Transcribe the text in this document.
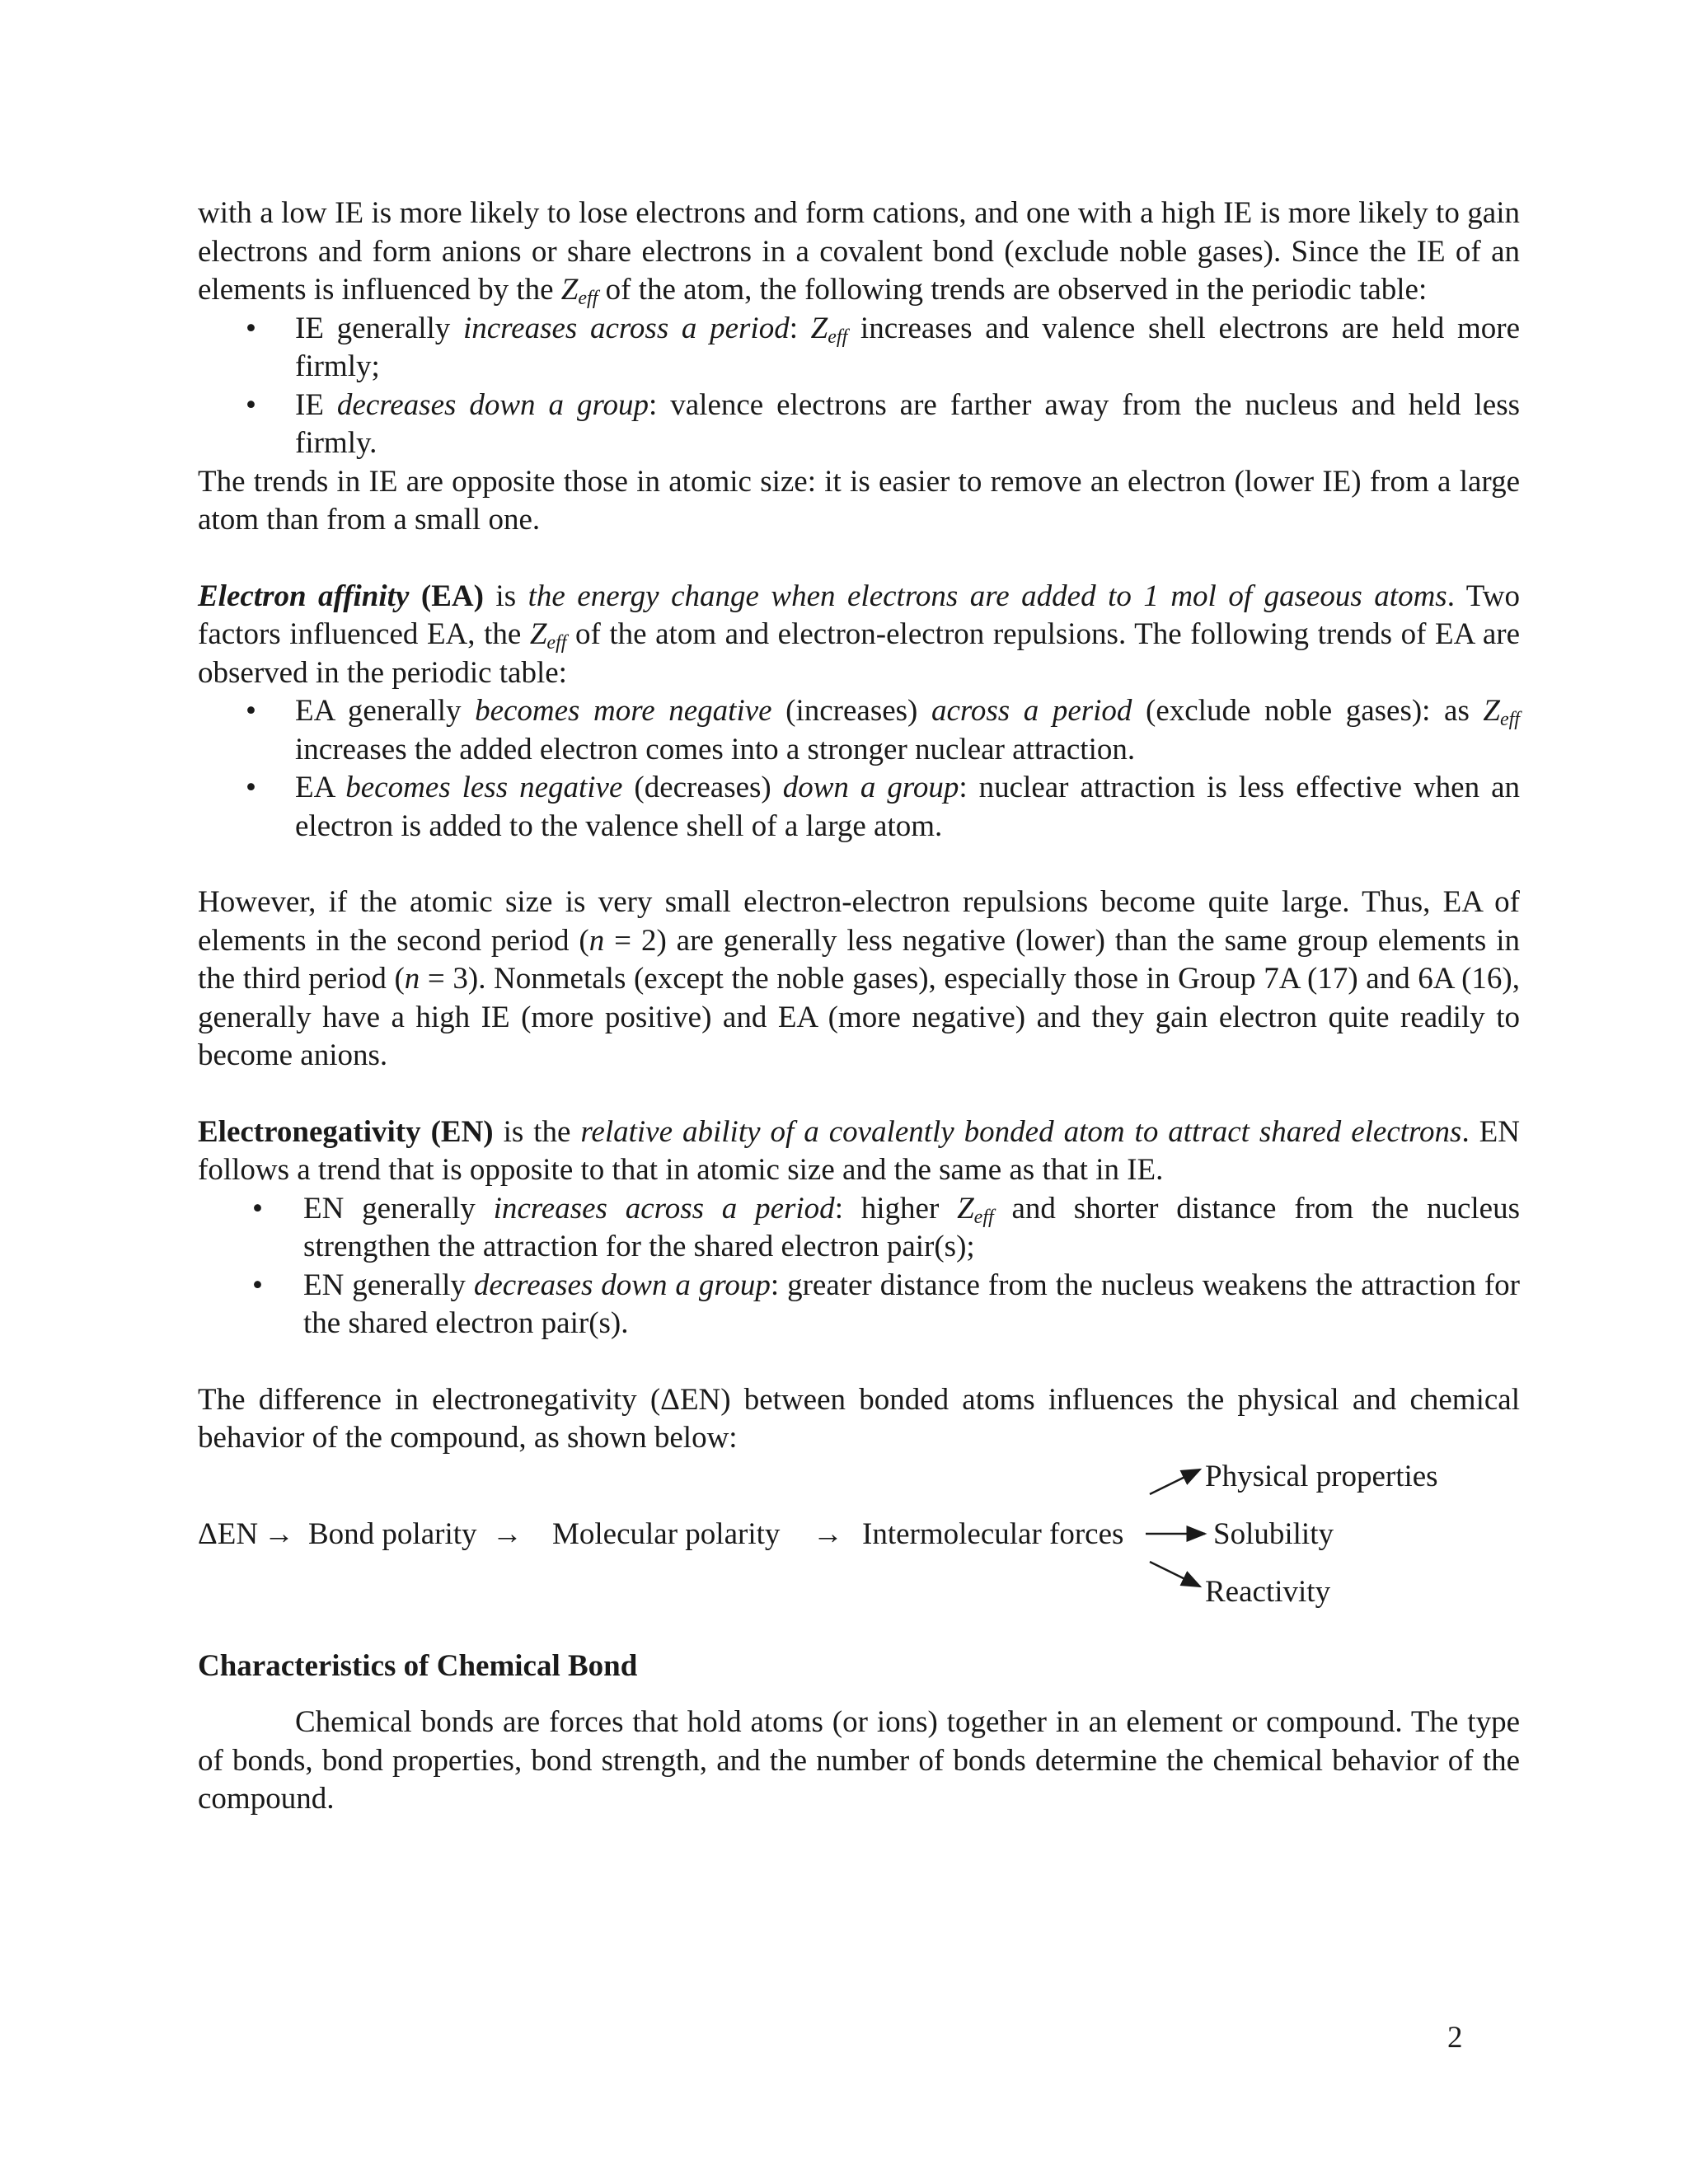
with a low IE is more likely to lose electrons and form cations, and one with a high IE is more likely to gain electrons and form anions or share electrons in a covalent bond (exclude noble gases). Since the IE of an elements is influenced by the $Z_{eff}$ of the atom, the following trends are observed in the periodic table:

• IE generally increases across a period: $Z_{eff}$ increases and valence shell electrons are held more firmly;
• IE decreases down a group: valence electrons are farther away from the nucleus and held less firmly.

The trends in IE are opposite those in atomic size: it is easier to remove an electron (lower IE) from a large atom than from a small one.

Electron affinity (EA) is the energy change when electrons are added to 1 mol of gaseous atoms. Two factors influenced EA, the $Z_{eff}$ of the atom and electron-electron repulsions. The following trends of EA are observed in the periodic table:

• EA generally becomes more negative (increases) across a period (exclude noble gases): as $Z_{eff}$ increases the added electron comes into a stronger nuclear attraction.
• EA becomes less negative (decreases) down a group: nuclear attraction is less effective when an electron is added to the valence shell of a large atom.

However, if the atomic size is very small electron-electron repulsions become quite large. Thus, EA of elements in the second period (n = 2) are generally less negative (lower) than the same group elements in the third period (n = 3). Nonmetals (except the noble gases), especially those in Group 7A (17) and 6A (16), generally have a high IE (more positive) and EA (more negative) and they gain electron quite readily to become anions.

Electronegativity (EN) is the relative ability of a covalently bonded atom to attract shared electrons. EN follows a trend that is opposite to that in atomic size and the same as that in IE.

• EN generally increases across a period: higher $Z_{eff}$ and shorter distance from the nucleus strengthen the attraction for the shared electron pair(s);
• EN generally decreases down a group: greater distance from the nucleus weakens the attraction for the shared electron pair(s).

The difference in electronegativity (ΔEN) between bonded atoms influences the physical and chemical behavior of the compound, as shown below:

ΔEN → Bond polarity → Molecular polarity → Intermolecular forces
Physical properties
Solubility
Reactivity

Characteristics of Chemical Bond

Chemical bonds are forces that hold atoms (or ions) together in an element or compound. The type of bonds, bond properties, bond strength, and the number of bonds determine the chemical behavior of the compound.

2
